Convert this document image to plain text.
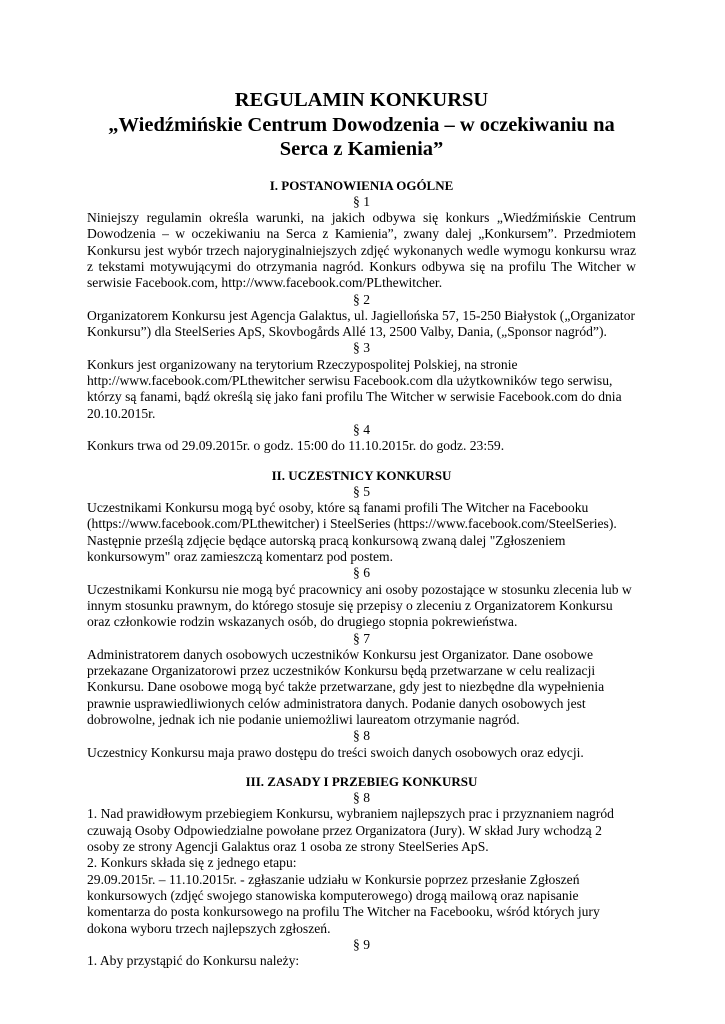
REGULAMIN KONKURSU
„Wiedźmińskie Centrum Dowodzenia – w oczekiwaniu na
Serca z Kamienia”
I. POSTANOWIENIA OGÓLNE
§ 1
Niniejszy regulamin określa warunki, na jakich odbywa się konkurs „Wiedźmińskie Centrum Dowodzenia – w oczekiwaniu na Serca z Kamienia”, zwany dalej „Konkursem”. Przedmiotem Konkursu jest wybór trzech najoryginalniejszych zdjęć wykonanych wedle wymogu konkursu wraz z tekstami motywującymi do otrzymania nagród. Konkurs odbywa się na profilu The Witcher w serwisie Facebook.com, http://www.facebook.com/PLthewitcher.
§ 2
Organizatorem Konkursu jest Agencja Galaktus, ul. Jagiellońska 57, 15-250 Białystok („Organizator Konkursu”) dla SteelSeries ApS, Skovbogårds Allé 13, 2500 Valby, Dania, („Sponsor nagród”).
§ 3
Konkurs jest organizowany na terytorium Rzeczypospolitej Polskiej, na stronie http://www.facebook.com/PLthewitcher serwisu Facebook.com dla użytkowników tego serwisu, którzy są fanami, bądź określą się jako fani profilu The Witcher w serwisie Facebook.com do dnia 20.10.2015r.
§ 4
Konkurs trwa od 29.09.2015r. o godz. 15:00 do 11.10.2015r. do godz. 23:59.
II. UCZESTNICY KONKURSU
§ 5
Uczestnikami Konkursu mogą być osoby, które są fanami profili The Witcher na Facebooku (https://www.facebook.com/PLthewitcher) i SteelSeries (https://www.facebook.com/SteelSeries). Następnie prześlą zdjęcie będące autorską pracą konkursową zwaną dalej "Zgłoszeniem konkursowym" oraz zamieszczą komentarz pod postem.
§ 6
Uczestnikami Konkursu nie mogą być pracownicy ani osoby pozostające w stosunku zlecenia lub w innym stosunku prawnym, do którego stosuje się przepisy o zleceniu z Organizatorem Konkursu oraz członkowie rodzin wskazanych osób, do drugiego stopnia pokrewieństwa.
§ 7
Administratorem danych osobowych uczestników Konkursu jest Organizator. Dane osobowe przekazane Organizatorowi przez uczestników Konkursu będą przetwarzane w celu realizacji Konkursu. Dane osobowe mogą być także przetwarzane, gdy jest to niezbędne dla wypełnienia prawnie usprawiedliwionych celów administratora danych. Podanie danych osobowych jest dobrowolne, jednak ich nie podanie uniemożliwi laureatom otrzymanie nagród.
§ 8
Uczestnicy Konkursu maja prawo dostępu do treści swoich danych osobowych oraz edycji.
III. ZASADY I PRZEBIEG KONKURSU
§ 8
1. Nad prawidłowym przebiegiem Konkursu, wybraniem najlepszych prac i przyznaniem nagród czuwają Osoby Odpowiedzialne powołane przez Organizatora (Jury). W skład Jury wchodzą 2 osoby ze strony Agencji Galaktus oraz 1 osoba ze strony SteelSeries ApS.
2. Konkurs składa się z jednego etapu:
29.09.2015r. – 11.10.2015r. - zgłaszanie udziału w Konkursie poprzez przesłanie Zgłoszeń konkursowych (zdjęć swojego stanowiska komputerowego) drogą mailową oraz napisanie komentarza do posta konkursowego na profilu The Witcher na Facebooku, wśród których jury dokona wyboru trzech najlepszych zgłoszeń.
§ 9
1. Aby przystąpić do Konkursu należy:
